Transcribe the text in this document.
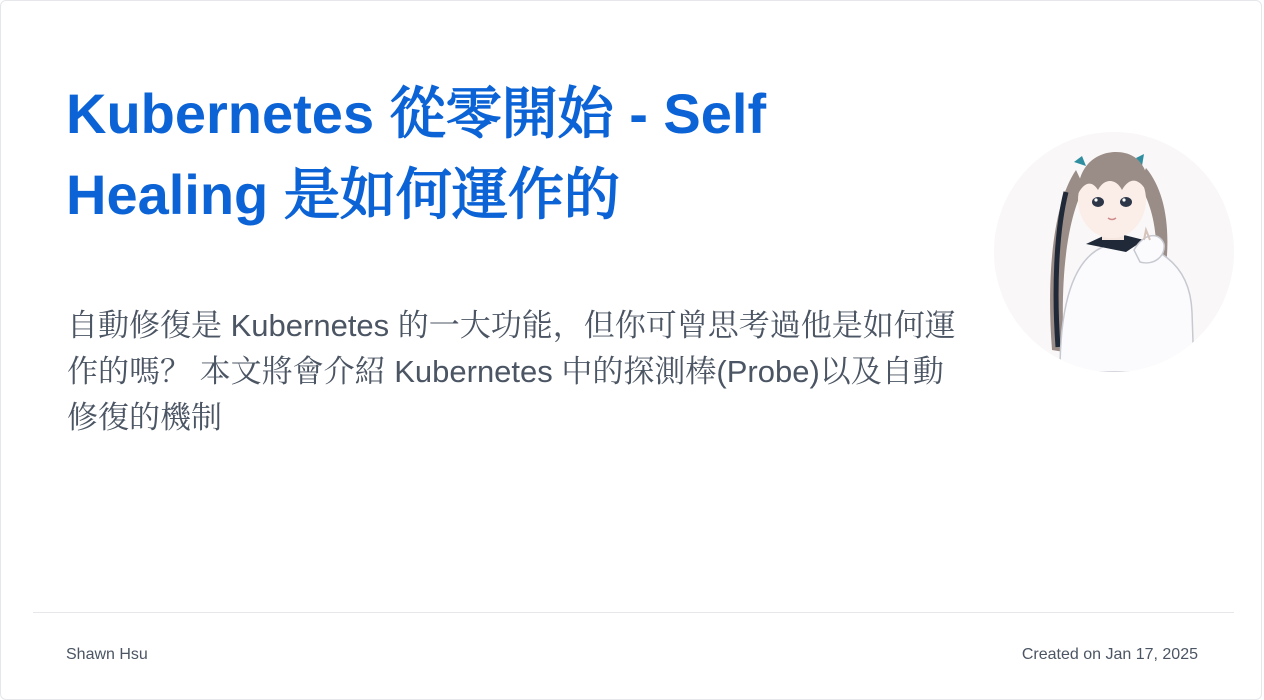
Kubernetes 從零開始 - Self Healing 是如何運作的

自動修復是 Kubernetes 的一大功能，但你可曾思考過他是如何運作的嗎？ 本文將會介紹 Kubernetes 中的探測棒(Probe)以及自動修復的機制

Shawn Hsu	Created on Jan 17, 2025
